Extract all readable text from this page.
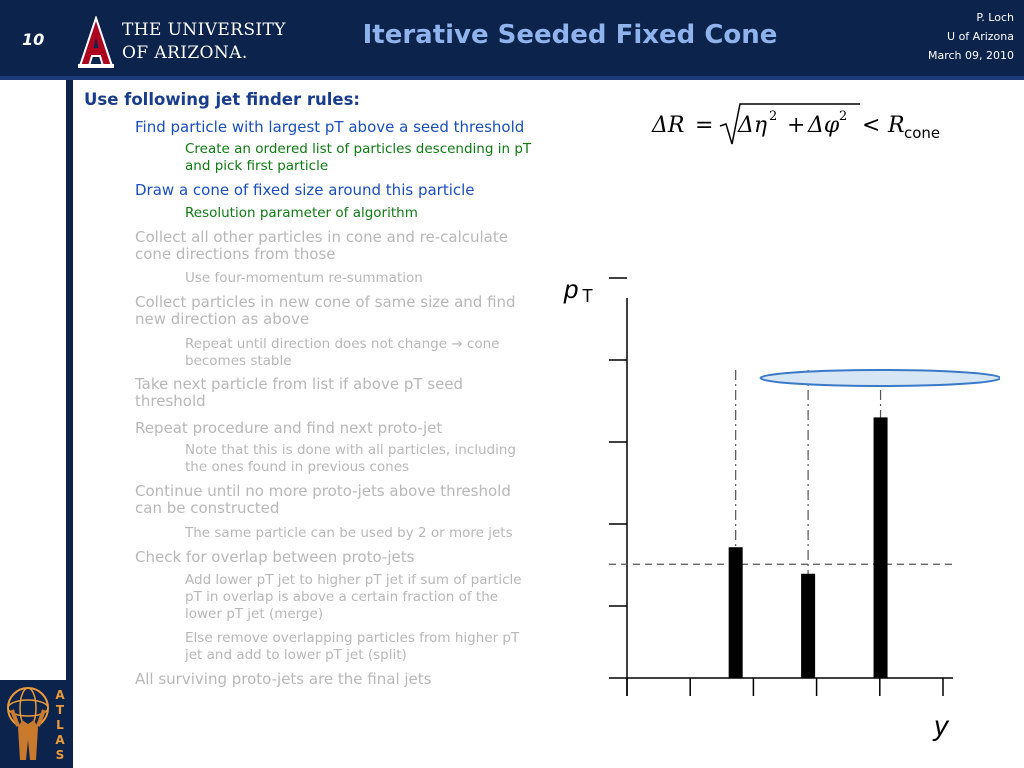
10	THE UNIVERSITY
OF ARIZONA.
Iterative Seeded Fixed Cone
P. Loch
U of Arizona
March 09, 2010
A
T
L
A
S
Use following jet finder rules:
Find particle with largest pT above a seed threshold
Create an ordered list of particles descending in pT
and pick first particle
Draw a cone of fixed size around this particle
Resolution parameter of algorithm
Collect all other particles in cone and re-calculate
cone directions from those
Use four-momentum re-summation
Collect particles in new cone of same size and find
new direction as above
Repeat until direction does not change → cone
becomes stable
Take next particle from list if above pT seed
threshold
Repeat procedure and find next proto-jet
Note that this is done with all particles, including
the ones found in previous cones
Continue until no more proto-jets above threshold
can be constructed
The same particle can be used by 2 or more jets
Check for overlap between proto-jets
Add lower pT jet to higher pT jet if sum of particle
pT in overlap is above a certain fraction of the
lower pT jet (merge)
Else remove overlapping particles from higher pT
jet and add to lower pT jet (split)
All surviving proto-jets are the final jets
ΔR = Δη 2 + Δφ 2 < R cone
p T
y
